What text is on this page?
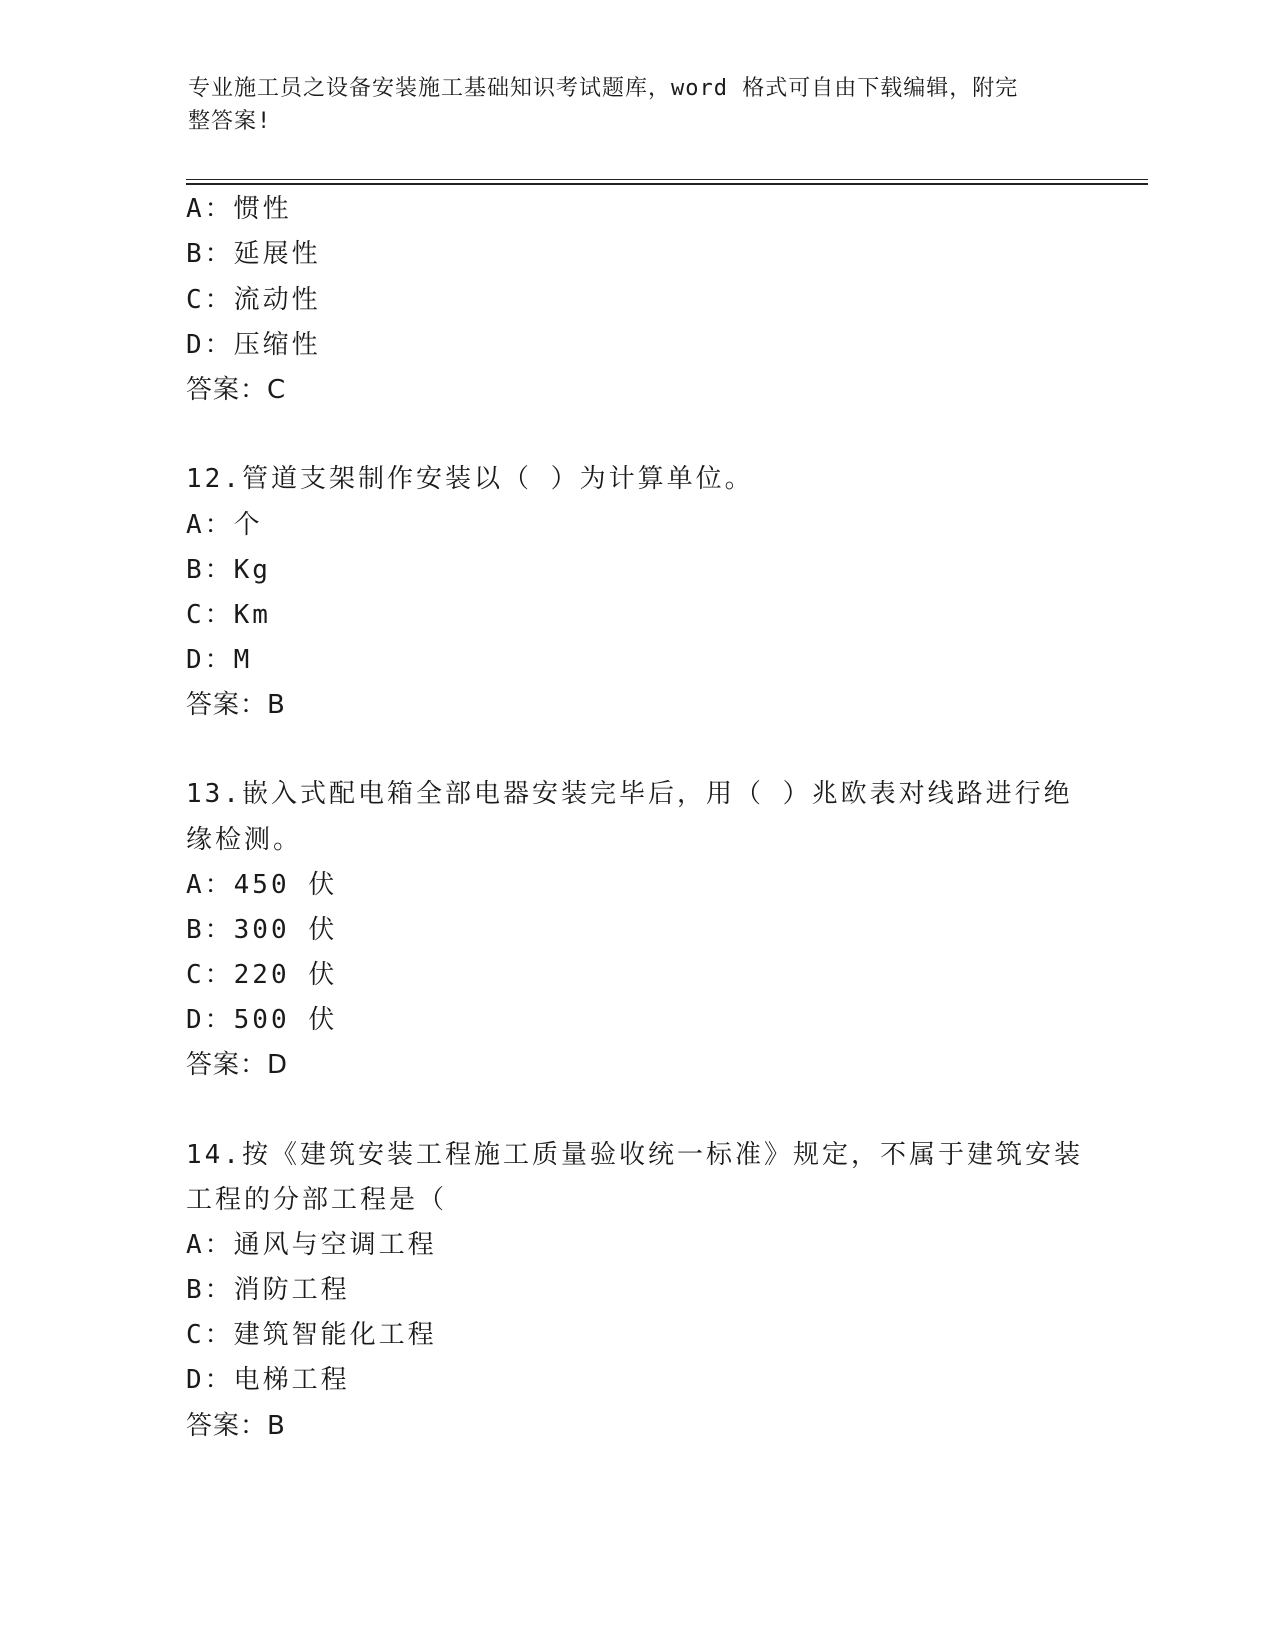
专业施工员之设备安装施工基础知识考试题库，word 格式可自由下载编辑，附完
整答案!
A：惯性
B：延展性
C：流动性
D：压缩性
答案：C
12.管道支架制作安装以（ ）为计算单位。
A：个
B：Kg
C：Km
D：M
答案：B
13.嵌入式配电箱全部电器安装完毕后，用（ ）兆欧表对线路进行绝
缘检测。
A：450 伏
B：300 伏
C：220 伏
D：500 伏
答案：D
14.按《建筑安装工程施工质量验收统一标准》规定，不属于建筑安装
工程的分部工程是（
A：通风与空调工程
B：消防工程
C：建筑智能化工程
D：电梯工程
答案：B
